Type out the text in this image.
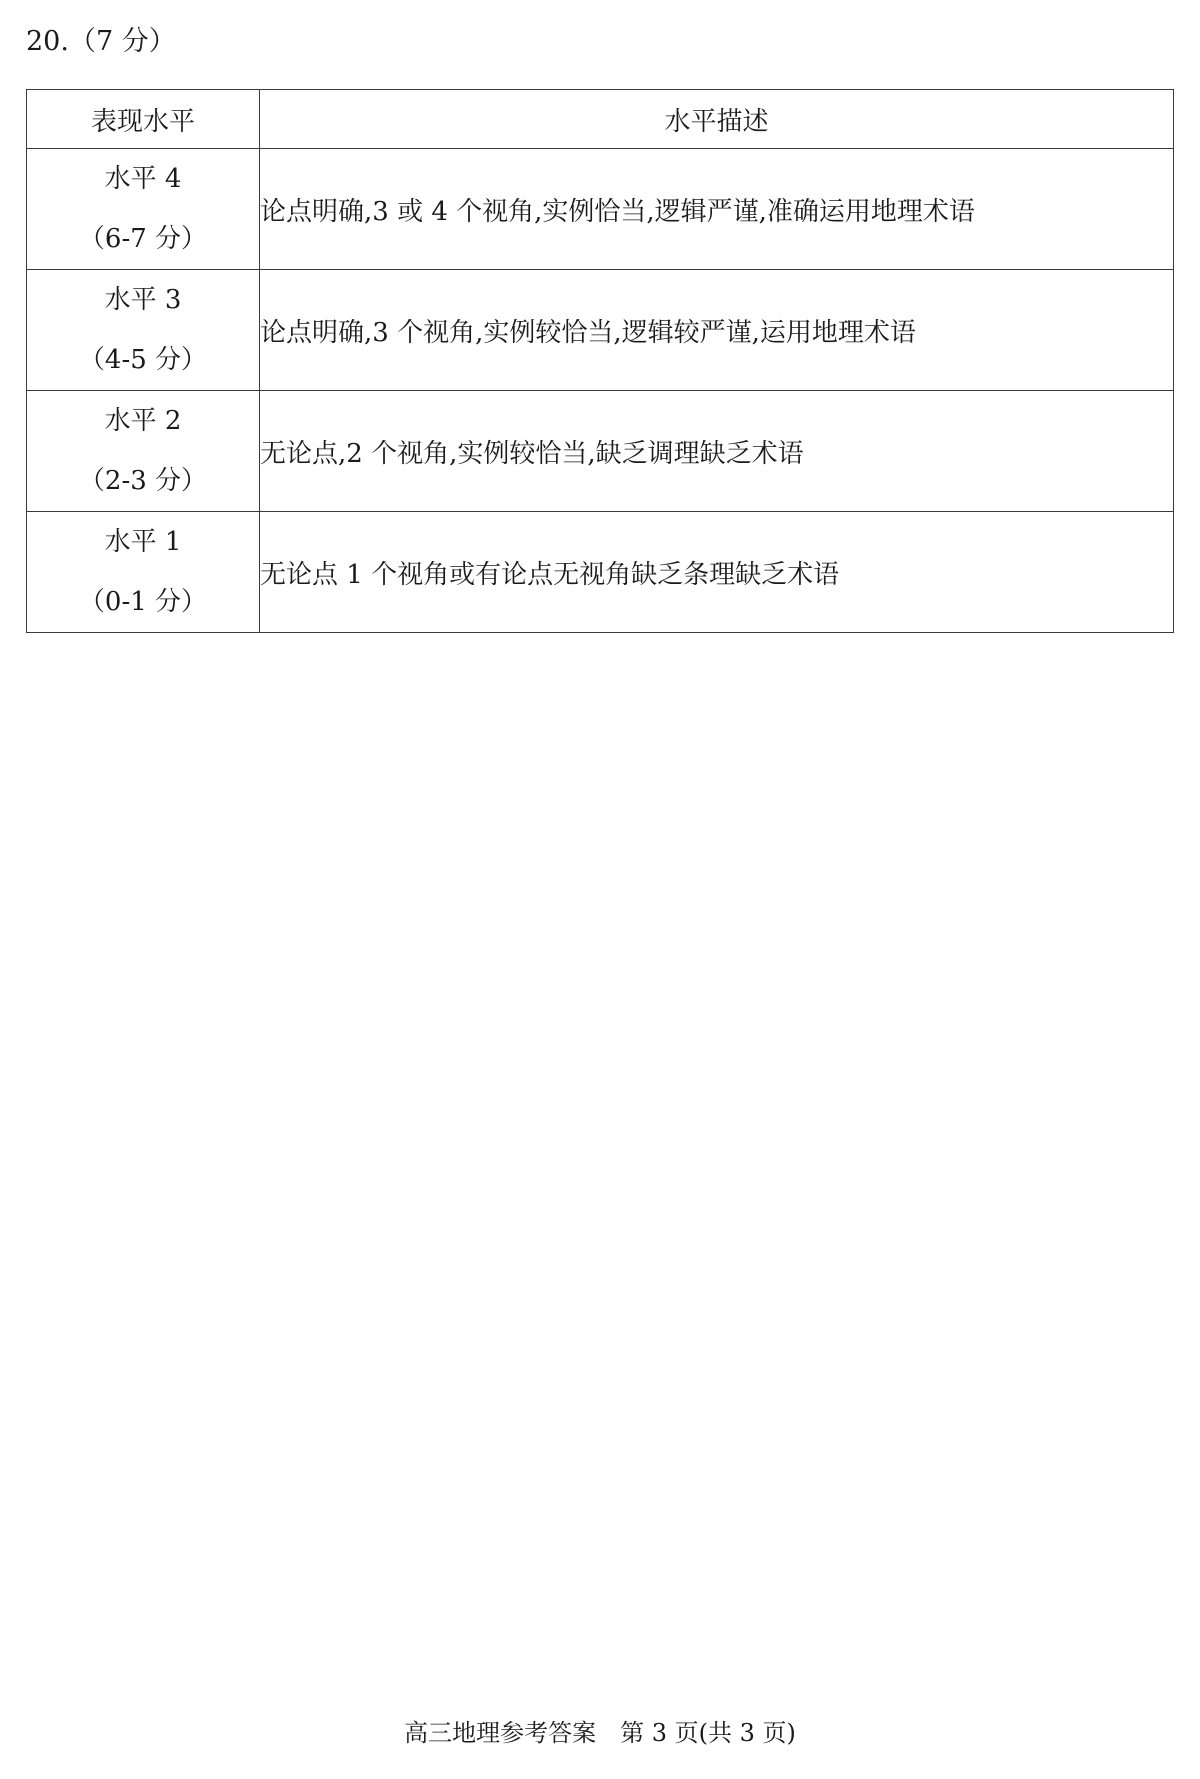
20.（7 分）
表现水平	水平描述

水平 4
（6-7 分）	论点明确,3 或 4 个视角,实例恰当,逻辑严谨,准确运用地理术语

水平 3
（4-5 分）	论点明确,3 个视角,实例较恰当,逻辑较严谨,运用地理术语

水平 2
（2-3 分）	无论点,2 个视角,实例较恰当,缺乏调理缺乏术语

水平 1
（0-1 分）	无论点 1 个视角或有论点无视角缺乏条理缺乏术语
高三地理参考答案　第 3 页(共 3 页)
